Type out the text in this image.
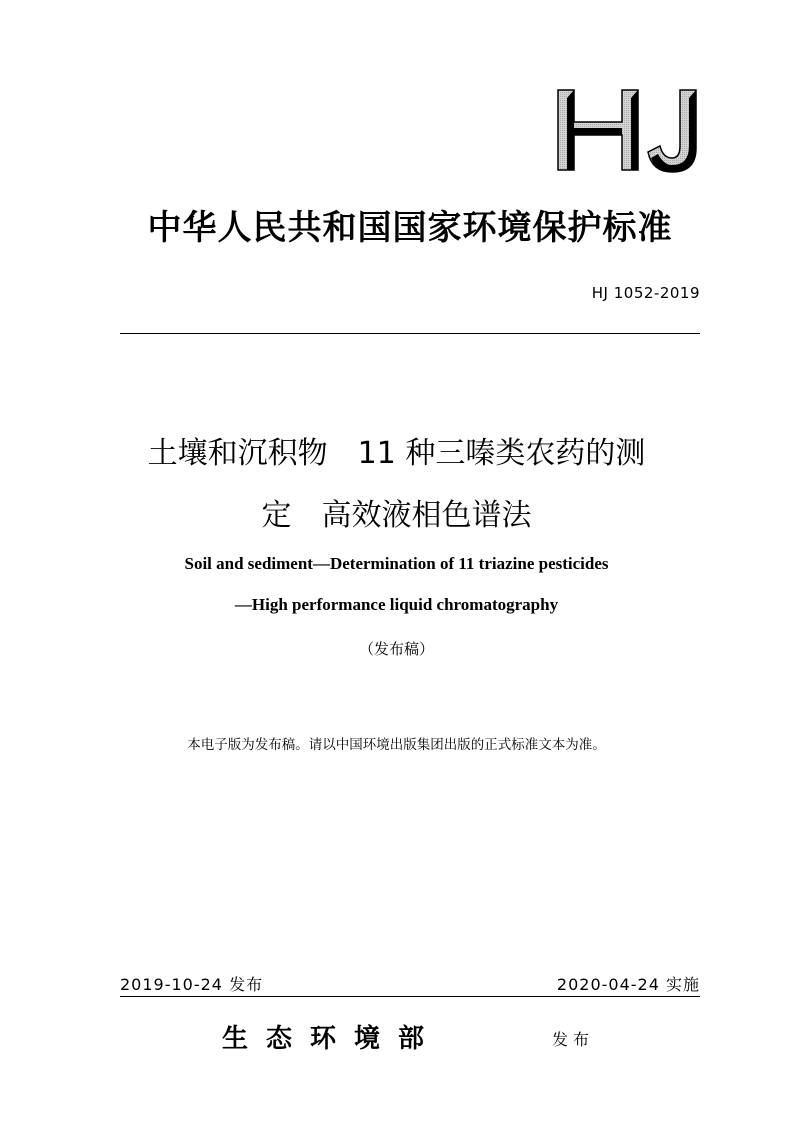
中华人民共和国国家环境保护标准
HJ 1052-2019
土壤和沉积物　11 种三嗪类农药的测
定　高效液相色谱法
Soil and sediment—Determination of 11 triazine pesticides
—High performance liquid chromatography
（发布稿）
本电子版为发布稿。请以中国环境出版集团出版的正式标准文本为准。
2019-10-24 发布	2020-04-24 实施
生态环境部	发布
